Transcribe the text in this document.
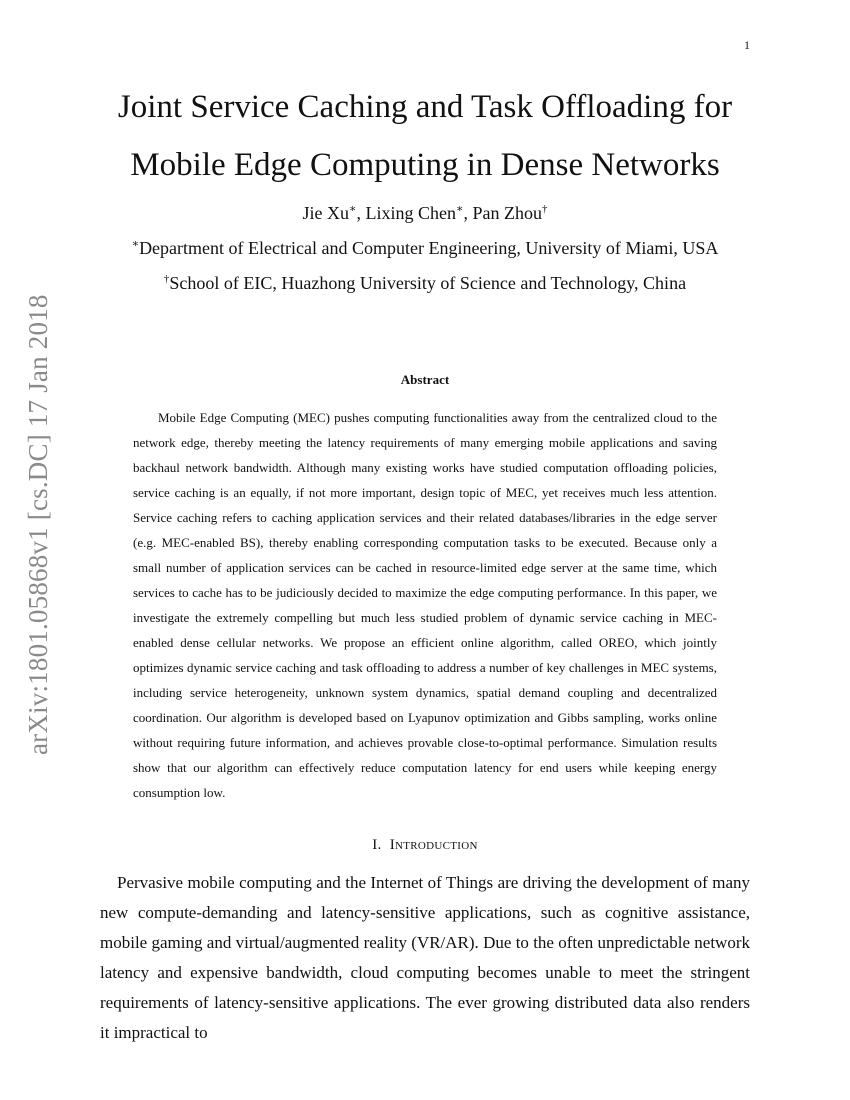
1
arXiv:1801.05868v1 [cs.DC] 17 Jan 2018
Joint Service Caching and Task Offloading for Mobile Edge Computing in Dense Networks
Jie Xu∗, Lixing Chen∗, Pan Zhou†
∗Department of Electrical and Computer Engineering, University of Miami, USA
†School of EIC, Huazhong University of Science and Technology, China
Abstract

Mobile Edge Computing (MEC) pushes computing functionalities away from the centralized cloud to the network edge, thereby meeting the latency requirements of many emerging mobile applications and saving backhaul network bandwidth. Although many existing works have studied computation offloading policies, service caching is an equally, if not more important, design topic of MEC, yet receives much less attention. Service caching refers to caching application services and their related databases/libraries in the edge server (e.g. MEC-enabled BS), thereby enabling corresponding computation tasks to be executed. Because only a small number of application services can be cached in resource-limited edge server at the same time, which services to cache has to be judiciously decided to maximize the edge computing performance. In this paper, we investigate the extremely compelling but much less studied problem of dynamic service caching in MEC-enabled dense cellular networks. We propose an efficient online algorithm, called OREO, which jointly optimizes dynamic service caching and task offloading to address a number of key challenges in MEC systems, including service heterogeneity, unknown system dynamics, spatial demand coupling and decentralized coordination. Our algorithm is developed based on Lyapunov optimization and Gibbs sampling, works online without requiring future information, and achieves provable close-to-optimal performance. Simulation results show that our algorithm can effectively reduce computation latency for end users while keeping energy consumption low.

I. Introduction

Pervasive mobile computing and the Internet of Things are driving the development of many new compute-demanding and latency-sensitive applications, such as cognitive assistance, mobile gaming and virtual/augmented reality (VR/AR). Due to the often unpredictable network latency and expensive bandwidth, cloud computing becomes unable to meet the stringent requirements of latency-sensitive applications. The ever growing distributed data also renders it impractical to
